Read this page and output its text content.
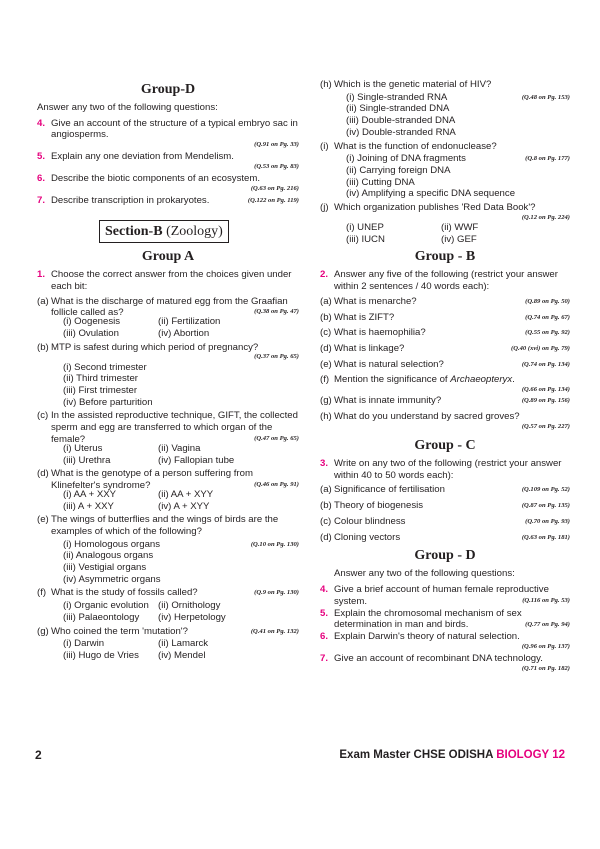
Group-D
Answer any two of the following questions:
4. Give an account of the structure of a typical embryo sac in angiosperms.
(Q.91 on Pg. 33)
5. Explain any one deviation from Mendelism.
(Q.53 on Pg. 83)
6. Describe the biotic components of an ecosystem.
(Q.63 on Pg. 216)
7.	(Q.122 on Pg. 119)
Describe transcription in prokaryotes.
Section-B (Zoology)
Group A
1. Choose the correct answer from the choices given under each bit:
(a) What is the discharge of matured egg from the Graafian follicle called as?	(Q.38 on Pg. 47)
(i) Oogenesis	(ii) Fertilization
(iii) Ovulation	(iv) Abortion
(b) MTP is safest during which period of pregnancy?
(Q.37 on Pg. 65)
(i) Second trimester
(ii) Third trimester
(iii) First trimester
(iv) Before parturition
(c) In the assisted reproductive technique, GIFT, the collected sperm and egg are transferred to which organ of the female?	(Q.47 on Pg. 65)
(i) Uterus	(ii) Vagina
(iii) Urethra	(iv) Fallopian tube
(d) What is the genotype of a person suffering from Klinefelter's syndrome?	(Q.46 on Pg. 91)
(i) AA + XXY	(ii) AA + XYY
(iii) A + XXY	(iv) A + XYY
(e) The wings of butterflies and the wings of birds are the examples of which of the following?
(Q.10 on Pg. 130)
(i) Homologous organs
(ii) Analogous organs
(iii) Vestigial organs
(iv) Asymmetric organs
(f)	(Q.9 on Pg. 130)
What is the study of fossils called?
(i) Organic evolution (ii) Ornithology
(iii) Palaeontology	(iv) Herpetology
(g)	(Q.41 on Pg. 132)
Who coined the term 'mutation'?
(i) Darwin	(ii) Lamarck
(iii) Hugo de Vries	(iv) Mendel
(h) Which is the genetic material of HIV?
(Q.48 on Pg. 153)
(i) Single-stranded RNA
(ii) Single-stranded DNA
(iii) Double-stranded DNA
(iv) Double-stranded RNA
(i) What is the function of endonuclease?
(Q.8 on Pg. 177)
(i) Joining of DNA fragments
(ii) Carrying foreign DNA
(iii) Cutting DNA
(iv) Amplifying a specific DNA sequence
(j) Which organization publishes 'Red Data Book'?
(Q.12 on Pg. 224)
(i) UNEP	(ii) WWF
(iii) IUCN	(iv) GEF
Group - B
2. Answer any five of the following (restrict your answer within 2 sentences / 40 words each):
(a)	(Q.89 on Pg. 50)
What is menarche?
(b)	(Q.74 on Pg. 67)
What is ZIFT?
(c)	(Q.55 on Pg. 92)
What is haemophilia?
(d)	(Q.40 (xvi) on Pg. 79)
What is linkage?
(e)	(Q.74 on Pg. 134)
What is natural selection?
(f) Mention the significance of Archaeopteryx.
(Q.66 on Pg. 134)
(g)	(Q.89 on Pg. 156)
What is innate immunity?
(h) What do you understand by sacred groves?
(Q.57 on Pg. 227)
Group - C
3. Write on any two of the following (restrict your answer within 40 to 50 words each):
(a)	(Q.109 on Pg. 52)
Significance of fertilisation
(b)	(Q.87 on Pg. 135)
Theory of biogenesis
(c)	(Q.70 on Pg. 93)
Colour blindness
(d)	(Q.63 on Pg. 181)
Cloning vectors
Group - D
Answer any two of the following questions:
4. Give a brief account of human female reproductive system.	(Q.116 on Pg. 53)
5. Explain the chromosomal mechanism of sex determination in man and birds.	(Q.77 on Pg. 94)
6. Explain Darwin's theory of natural selection.
(Q.96 on Pg. 137)
7. Give an account of recombinant DNA technology.
(Q.71 on Pg. 182)
2	Exam Master CHSE ODISHA BIOLOGY 12
